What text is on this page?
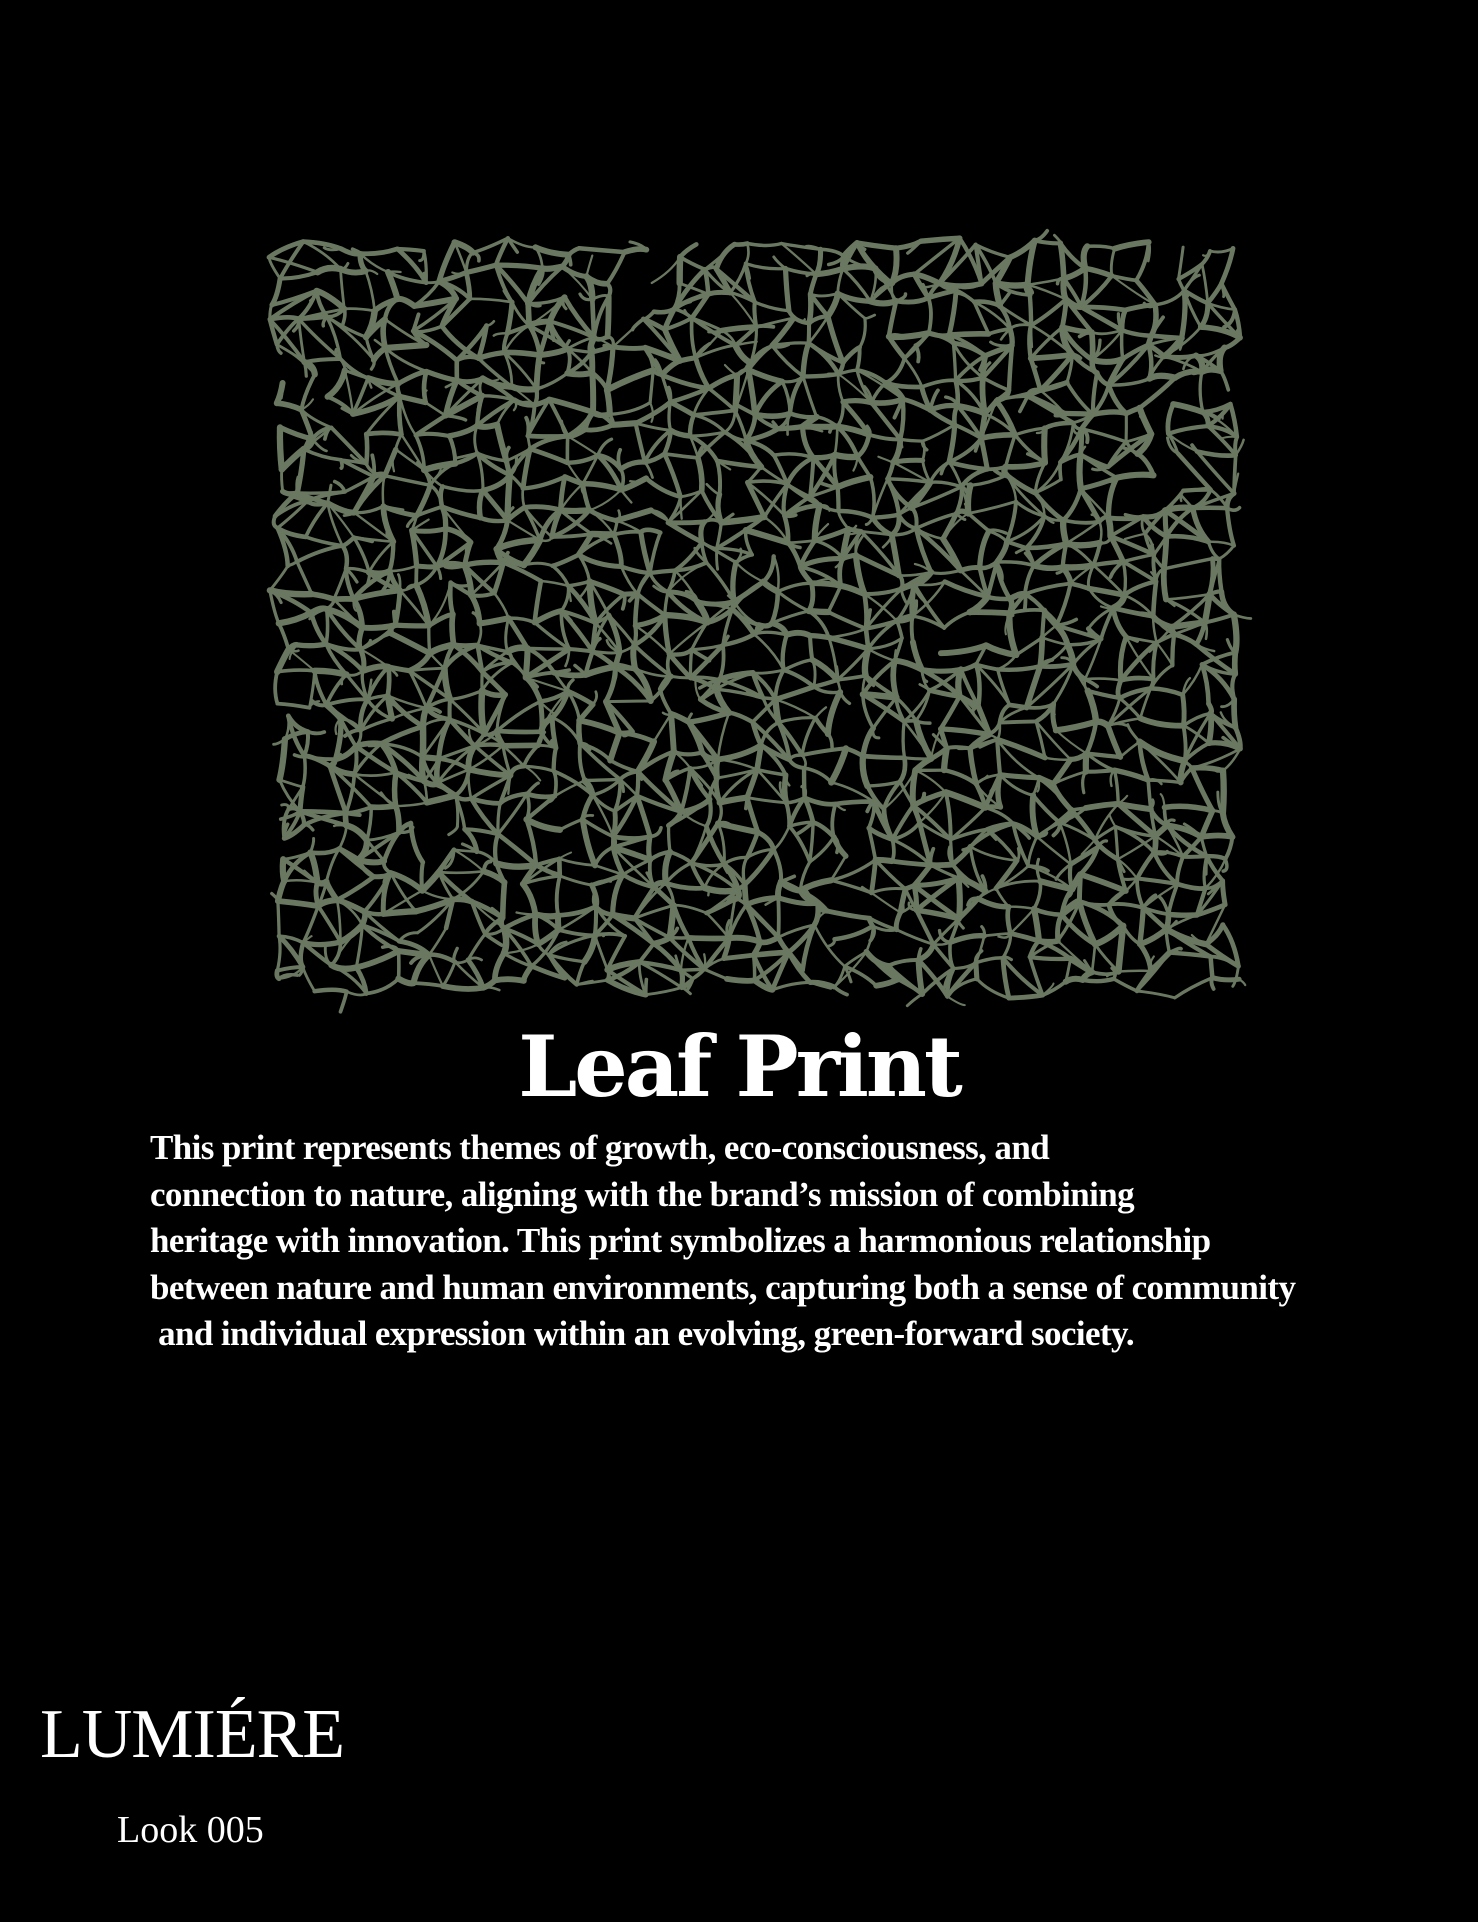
Leaf Print
This print represents themes of growth, eco-consciousness, and
connection to nature, aligning with the brand’s mission of combining
heritage with innovation. This print symbolizes a harmonious relationship
between nature and human environments, capturing both a sense of community
and individual expression within an evolving, green-forward society.
LUMIÉRE
Look 005
